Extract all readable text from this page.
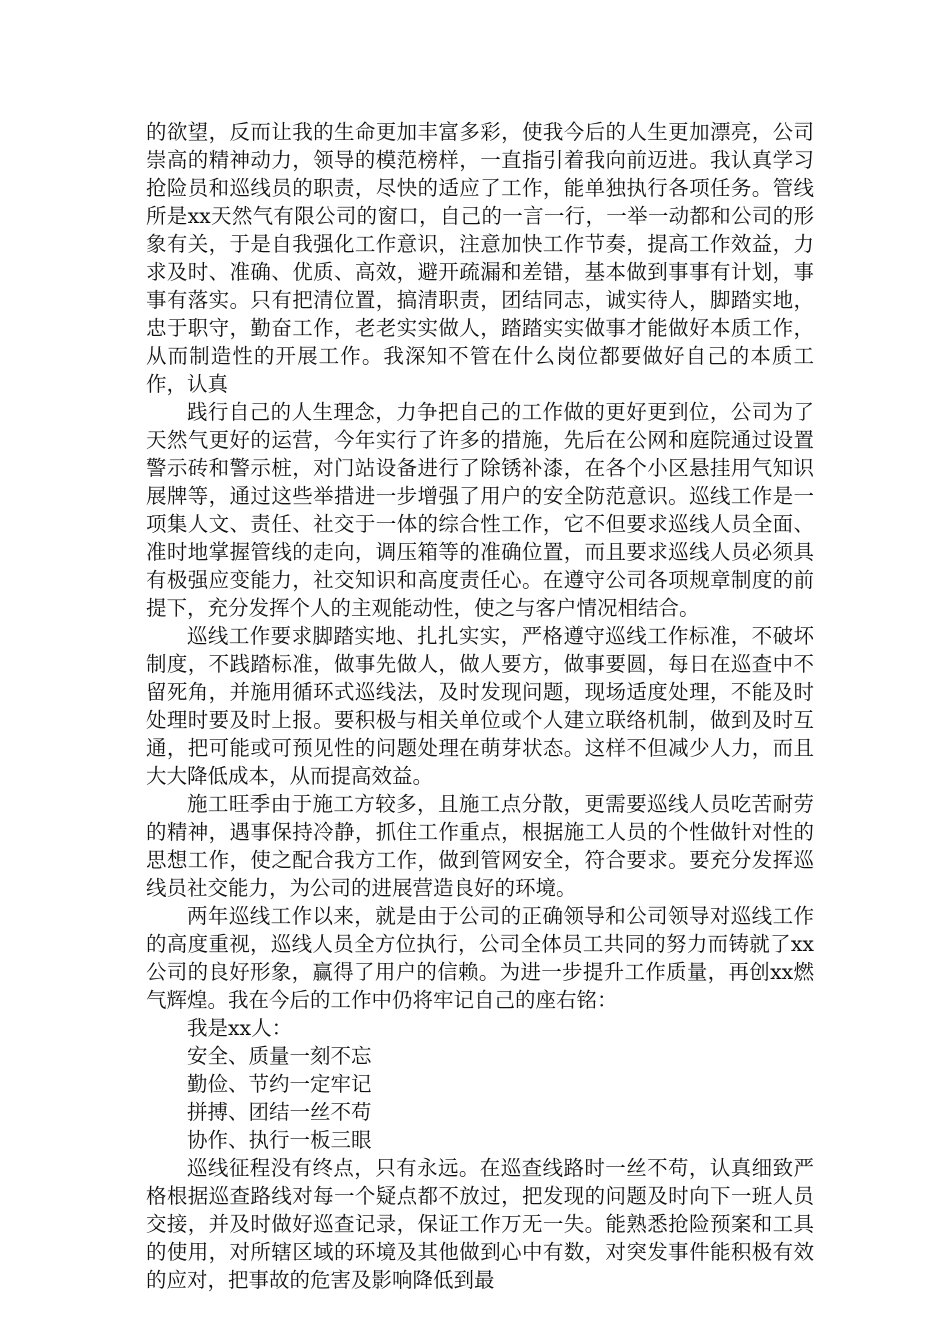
的欲望，反而让我的生命更加丰富多彩，使我今后的人生更加漂亮，公司崇高的精神动力，领导的模范榜样，一直指引着我向前迈进。我认真学习抢险员和巡线员的职责，尽快的适应了工作，能单独执行各项任务。管线所是xx天然气有限公司的窗口，自己的一言一行，一举一动都和公司的形象有关，于是自我强化工作意识，注意加快工作节奏，提高工作效益，力求及时、准确、优质、高效，避开疏漏和差错，基本做到事事有计划，事事有落实。只有把清位置，搞清职责，团结同志，诚实待人，脚踏实地，忠于职守，勤奋工作，老老实实做人，踏踏实实做事才能做好本质工作，从而制造性的开展工作。我深知不管在什么岗位都要做好自己的本质工作，认真

践行自己的人生理念，力争把自己的工作做的更好更到位，公司为了天然气更好的运营，今年实行了许多的措施，先后在公网和庭院通过设置警示砖和警示桩，对门站设备进行了除锈补漆，在各个小区悬挂用气知识展牌等，通过这些举措进一步增强了用户的安全防范意识。巡线工作是一项集人文、责任、社交于一体的综合性工作，它不但要求巡线人员全面、准时地掌握管线的走向，调压箱等的准确位置，而且要求巡线人员必须具有极强应变能力，社交知识和高度责任心。在遵守公司各项规章制度的前提下，充分发挥个人的主观能动性，使之与客户情况相结合。

巡线工作要求脚踏实地、扎扎实实，严格遵守巡线工作标准，不破坏制度，不践踏标准，做事先做人，做人要方，做事要圆，每日在巡查中不留死角，并施用循环式巡线法，及时发现问题，现场适度处理，不能及时处理时要及时上报。要积极与相关单位或个人建立联络机制，做到及时互通，把可能或可预见性的问题处理在萌芽状态。这样不但减少人力，而且大大降低成本，从而提高效益。

施工旺季由于施工方较多，且施工点分散，更需要巡线人员吃苦耐劳的精神，遇事保持冷静，抓住工作重点，根据施工人员的个性做针对性的思想工作，使之配合我方工作，做到管网安全，符合要求。要充分发挥巡线员社交能力，为公司的进展营造良好的环境。

两年巡线工作以来，就是由于公司的正确领导和公司领导对巡线工作的高度重视，巡线人员全方位执行，公司全体员工共同的努力而铸就了xx公司的良好形象，赢得了用户的信赖。为进一步提升工作质量，再创xx燃气辉煌。我在今后的工作中仍将牢记自己的座右铭：

我是xx人：

安全、质量一刻不忘

勤俭、节约一定牢记

拼搏、团结一丝不苟

协作、执行一板三眼

巡线征程没有终点，只有永远。在巡查线路时一丝不苟，认真细致严格根据巡查路线对每一个疑点都不放过，把发现的问题及时向下一班人员交接，并及时做好巡查记录，保证工作万无一失。能熟悉抢险预案和工具的使用，对所辖区域的环境及其他做到心中有数，对突发事件能积极有效的应对，把事故的危害及影响降低到最
